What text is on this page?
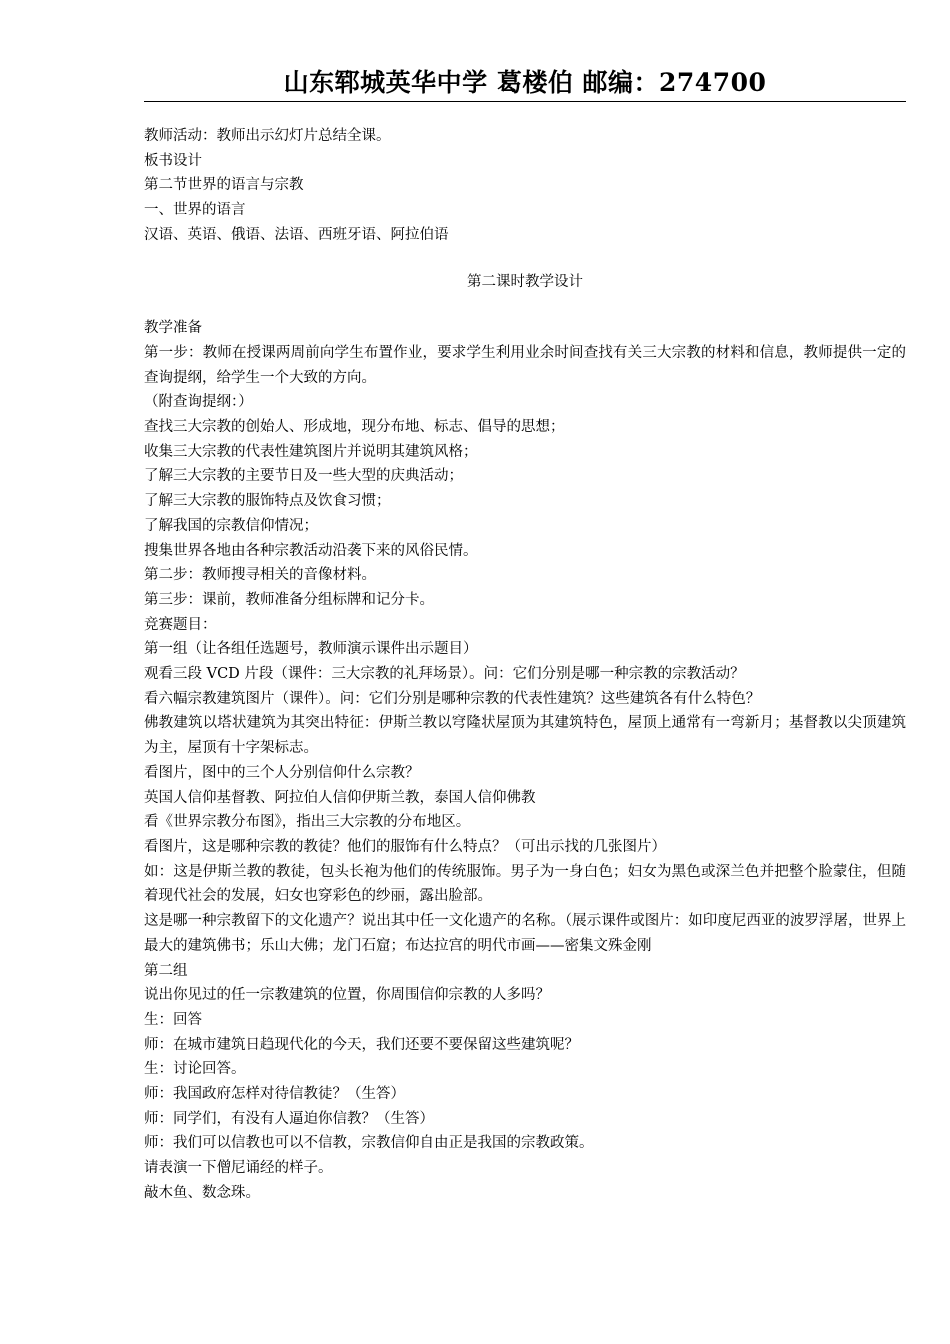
山东郓城英华中学 葛楼伯 邮编：274700
教师活动：教师出示幻灯片总结全课。
板书设计
第二节世界的语言与宗教
一、世界的语言
汉语、英语、俄语、法语、西班牙语、阿拉伯语
第二课时教学设计
教学准备
第一步：教师在授课两周前向学生布置作业，要求学生利用业余时间查找有关三大宗教的材料和信息，教师提供一定的查询提纲，给学生一个大致的方向。
（附查询提纲：）
查找三大宗教的创始人、形成地，现分布地、标志、倡导的思想；
收集三大宗教的代表性建筑图片并说明其建筑风格；
了解三大宗教的主要节日及一些大型的庆典活动；
了解三大宗教的服饰特点及饮食习惯；
了解我国的宗教信仰情况；
搜集世界各地由各种宗教活动沿袭下来的风俗民情。
第二步：教师搜寻相关的音像材料。
第三步：课前，教师准备分组标牌和记分卡。
竞赛题目：
第一组（让各组任选题号，教师演示课件出示题目）
观看三段 VCD 片段（课件：三大宗教的礼拜场景）。问：它们分别是哪一种宗教的宗教活动？
看六幅宗教建筑图片（课件）。问：它们分别是哪种宗教的代表性建筑？这些建筑各有什么特色？
佛教建筑以塔状建筑为其突出特征：伊斯兰教以穹隆状屋顶为其建筑特色，屋顶上通常有一弯新月；基督教以尖顶建筑为主，屋顶有十字架标志。
看图片，图中的三个人分别信仰什么宗教？
英国人信仰基督教、阿拉伯人信仰伊斯兰教，泰国人信仰佛教
看《世界宗教分布图》，指出三大宗教的分布地区。
看图片，这是哪种宗教的教徒？他们的服饰有什么特点？（可出示找的几张图片）
如：这是伊斯兰教的教徒，包头长袍为他们的传统服饰。男子为一身白色；妇女为黑色或深兰色并把整个脸蒙住，但随着现代社会的发展，妇女也穿彩色的纱丽，露出脸部。
这是哪一种宗教留下的文化遗产？说出其中任一文化遗产的名称。（展示课件或图片：如印度尼西亚的波罗浮屠，世界上最大的建筑佛书；乐山大佛；龙门石窟；布达拉宫的明代市画——密集文殊金刚
第二组
说出你见过的任一宗教建筑的位置，你周围信仰宗教的人多吗？
生：回答
师：在城市建筑日趋现代化的今天，我们还要不要保留这些建筑呢？
生：讨论回答。
师：我国政府怎样对待信教徒？（生答）
师：同学们，有没有人逼迫你信教？（生答）
师：我们可以信教也可以不信教，宗教信仰自由正是我国的宗教政策。
请表演一下僧尼诵经的样子。
敲木鱼、数念珠。
